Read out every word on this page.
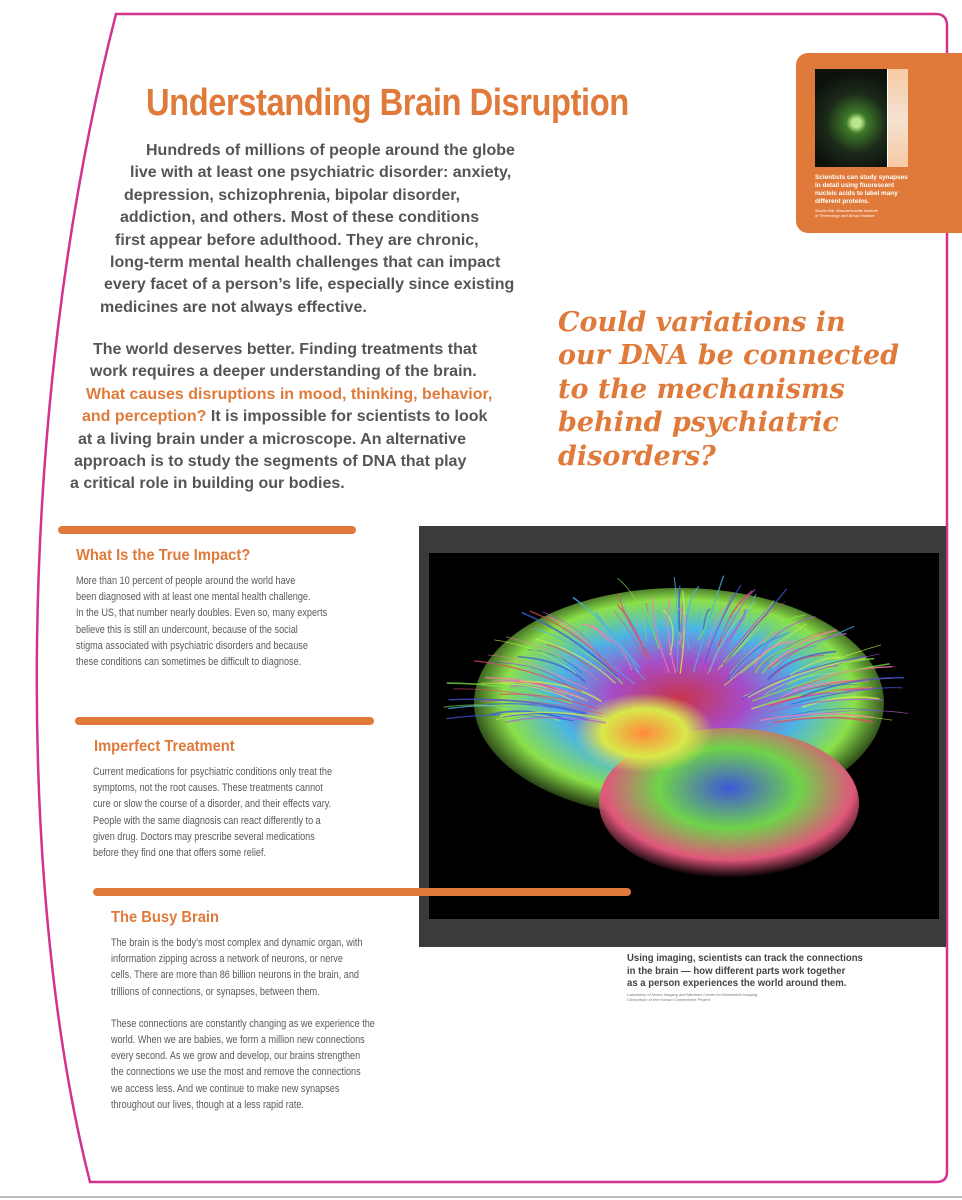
Understanding Brain Disruption
Hundreds of millions of people around the globe
live with at least one psychiatric disorder: anxiety,
depression, schizophrenia, bipolar disorder,
addiction, and others. Most of these conditions
first appear before adulthood. They are chronic,
long-term mental health challenges that can impact
every facet of a person’s life, especially since existing
medicines are not always effective.
The world deserves better. Finding treatments that
work requires a deeper understanding of the brain.
What causes disruptions in mood, thinking, behavior,
and perception? It is impossible for scientists to look
at a living brain under a microscope. An alternative
approach is to study the segments of DNA that play
a critical role in building our bodies.
Could variations in
our DNA be connected
to the mechanisms
behind psychiatric
disorders?
Scientists can study synapses
in detail using fluorescent
nucleic acids to label many
different proteins.
Xiaolin Bai, Massachusetts Institute
of Technology and Broad Institute
What Is the True Impact?
More than 10 percent of people around the world have
been diagnosed with at least one mental health challenge.
In the US, that number nearly doubles. Even so, many experts
believe this is still an undercount, because of the social
stigma associated with psychiatric disorders and because
these conditions can sometimes be difficult to diagnose.
Imperfect Treatment
Current medications for psychiatric conditions only treat the
symptoms, not the root causes. These treatments cannot
cure or slow the course of a disorder, and their effects vary.
People with the same diagnosis can react differently to a
given drug. Doctors may prescribe several medications
before they find one that offers some relief.
The Busy Brain
The brain is the body’s most complex and dynamic organ, with
information zipping across a network of neurons, or nerve
cells. There are more than 86 billion neurons in the brain, and
trillions of connections, or synapses, between them.
These connections are constantly changing as we experience the
world. When we are babies, we form a million new connections
every second. As we grow and develop, our brains strengthen
the connections we use the most and remove the connections
we access less. And we continue to make new synapses
throughout our lives, though at a less rapid rate.
Using imaging, scientists can track the connections
in the brain — how different parts work together
as a person experiences the world around them.
Laboratory of Neuro Imaging and Martinos Center for Biomedical Imaging,
Consortium of the Human Connectome Project
